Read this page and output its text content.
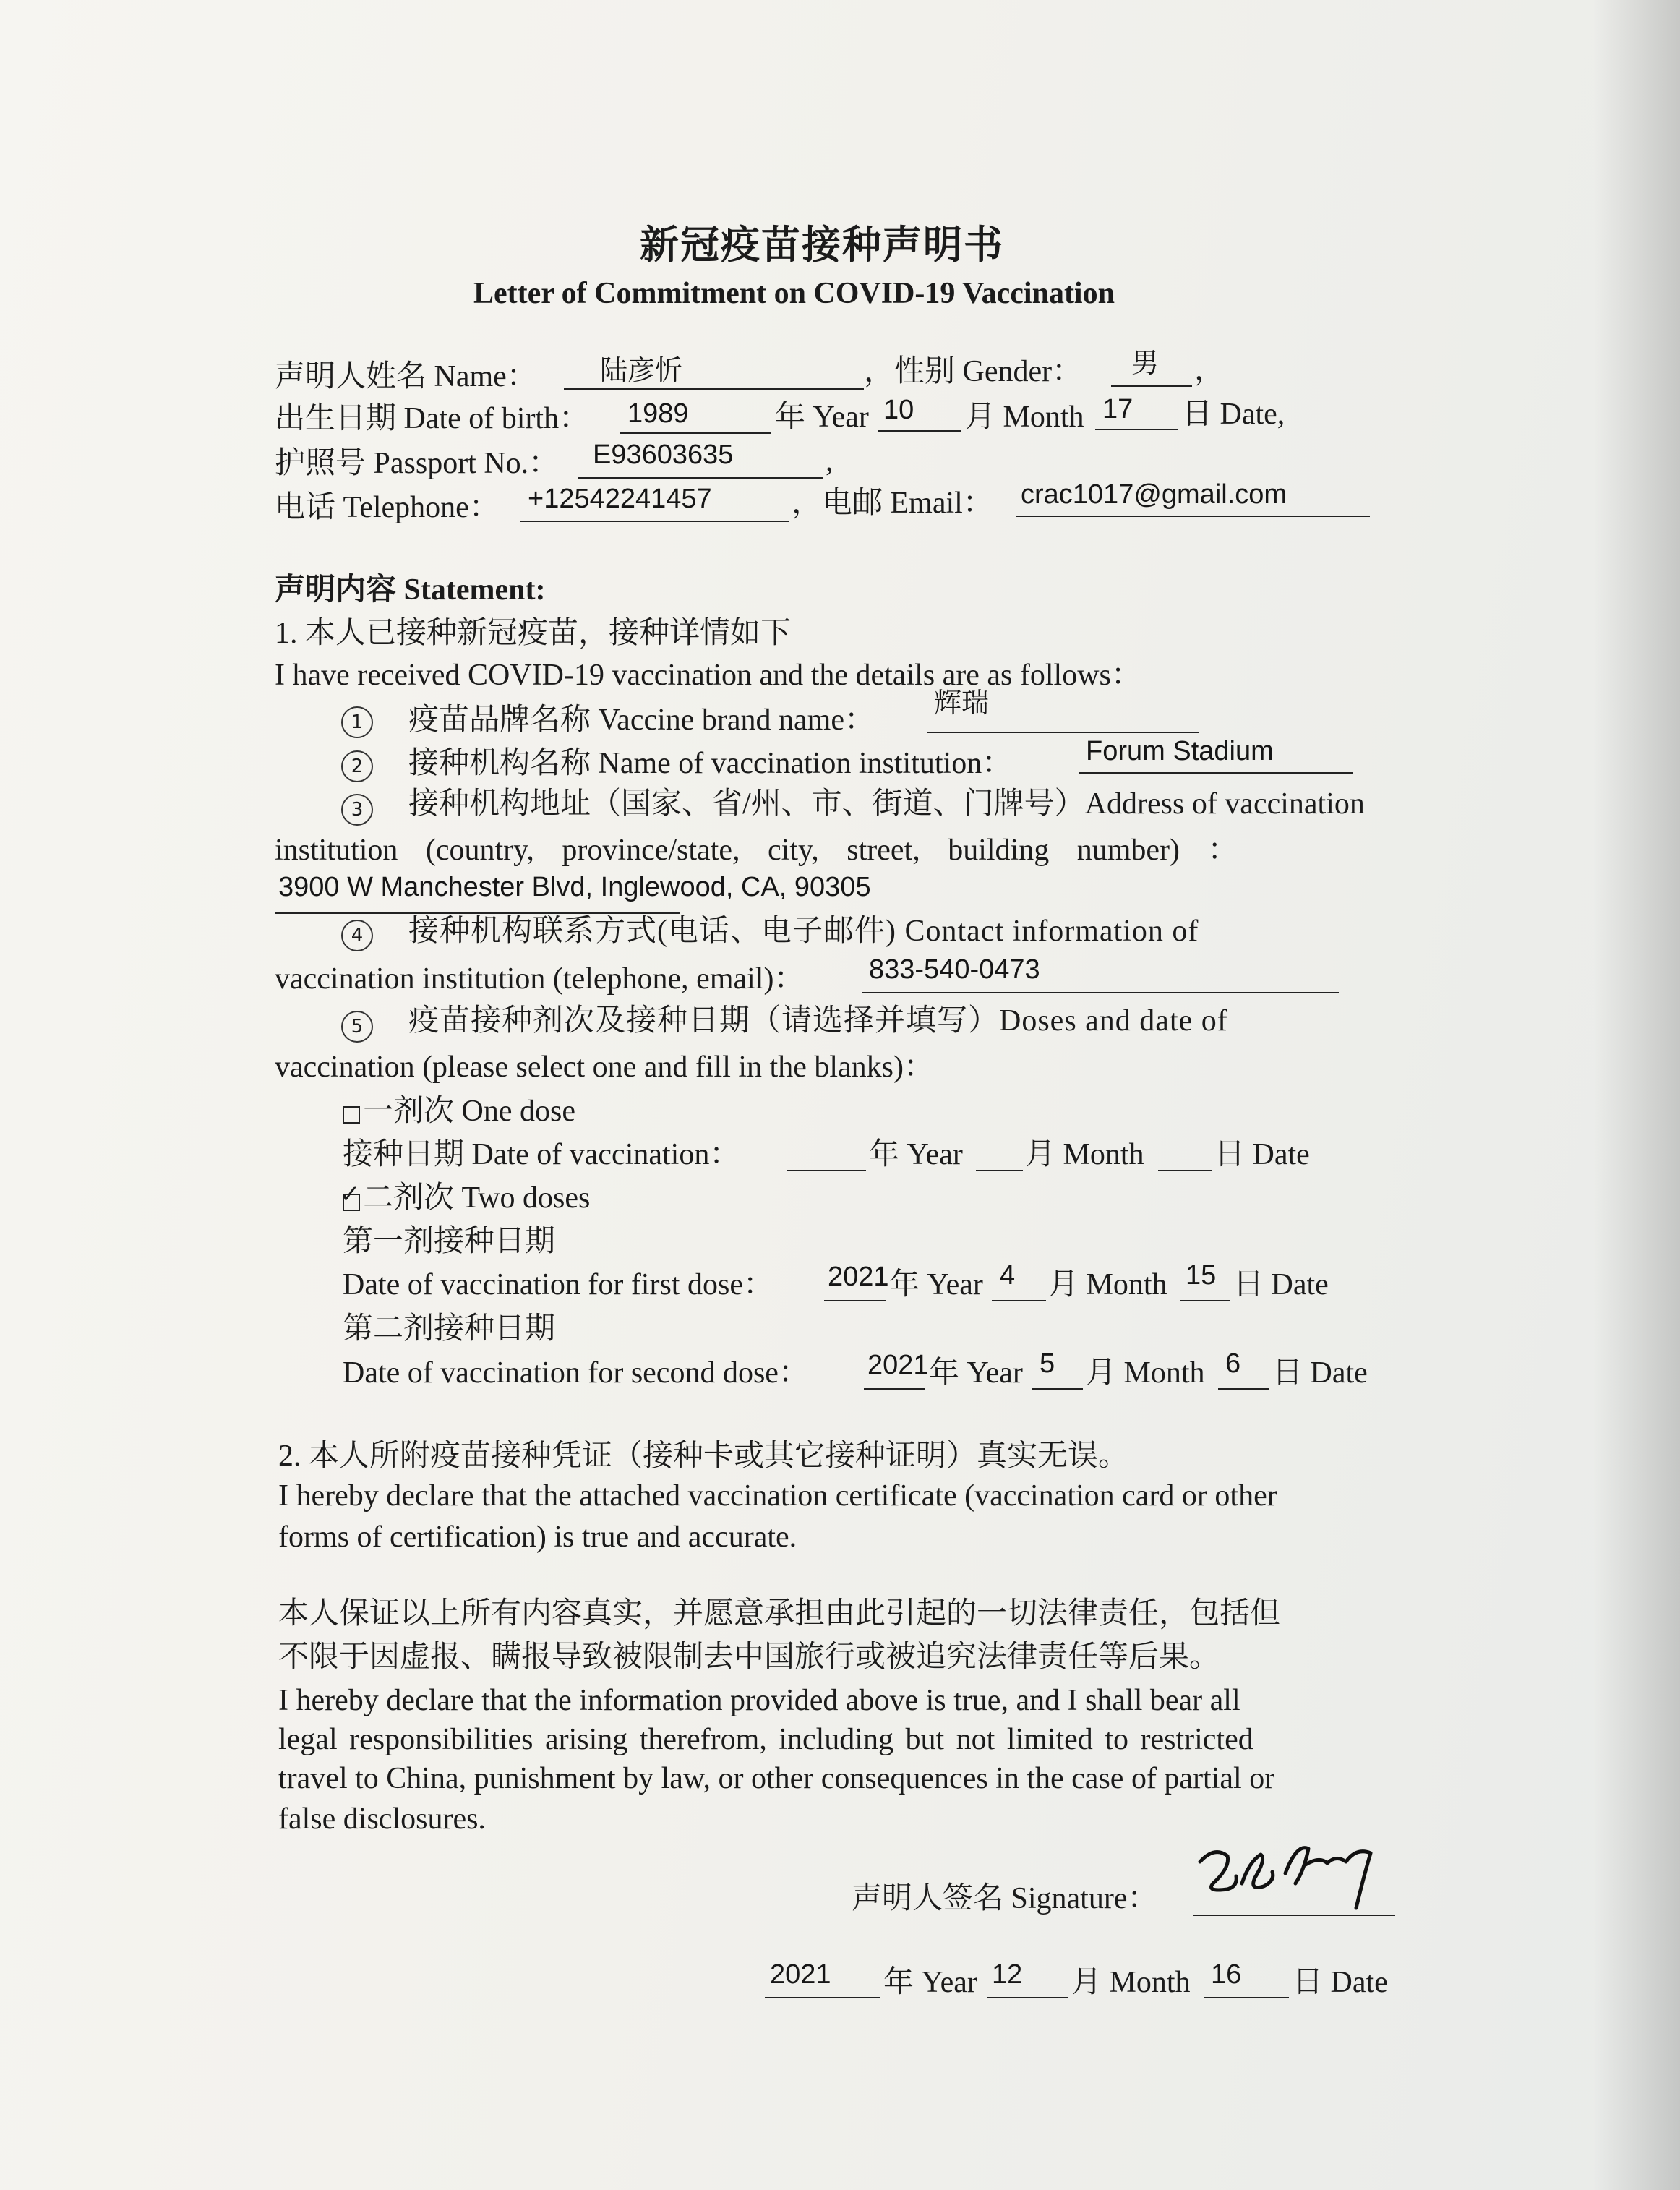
新冠疫苗接种声明书
Letter of Commitment on COVID-19 Vaccination
声明人姓名 Name： 陆彦忻	，性别 Gender： 男 ，
出生日期 Date of birth： 1989	年 Year 10 月 Month 17 日 Date,
护照号 Passport No.： E93603635	,
电话 Telephone： +12542241457	，电邮 Email： crac1017@gmail.com
声明内容 Statement:
1. 本人已接种新冠疫苗，接种详情如下
I have received COVID-19 vaccination and the details are as follows：
1	疫苗品牌名称 Vaccine brand name： 辉瑞
2	接种机构名称 Name of vaccination institution：	Forum Stadium
3	接种机构地址（国家、省/州、市、街道、门牌号）Address of vaccination
institution (country, province/state, city, street, building number) ：
3900 W Manchester Blvd, Inglewood, CA, 90305
4	接种机构联系方式(电话、电子邮件) Contact information of
vaccination institution (telephone, email)： 833-540-0473
5	疫苗接种剂次及接种日期（请选择并填写）Doses and date of
vaccination (please select one and fill in the blanks)：
一剂次 One dose
接种日期 Date of vaccination：	年 Year 月 Month 日 Date
✓ 二剂次 Two doses
第一剂接种日期
Date of vaccination for first dose： 2021 年 Year 4 月 Month 15 日 Date
第二剂接种日期
Date of vaccination for second dose： 2021 年 Year 5 月 Month 6 日 Date
2. 本人所附疫苗接种凭证（接种卡或其它接种证明）真实无误。
I hereby declare that the attached vaccination certificate (vaccination card or other
forms of certification) is true and accurate.
本人保证以上所有内容真实，并愿意承担由此引起的一切法律责任，包括但
不限于因虚报、瞒报导致被限制去中国旅行或被追究法律责任等后果。
I hereby declare that the information provided above is true, and I shall bear all
legal responsibilities arising therefrom, including but not limited to restricted
travel to China, punishment by law, or other consequences in the case of partial or
false disclosures.
声明人签名 Signature：
2021 年 Year 12 月 Month 16 日 Date
